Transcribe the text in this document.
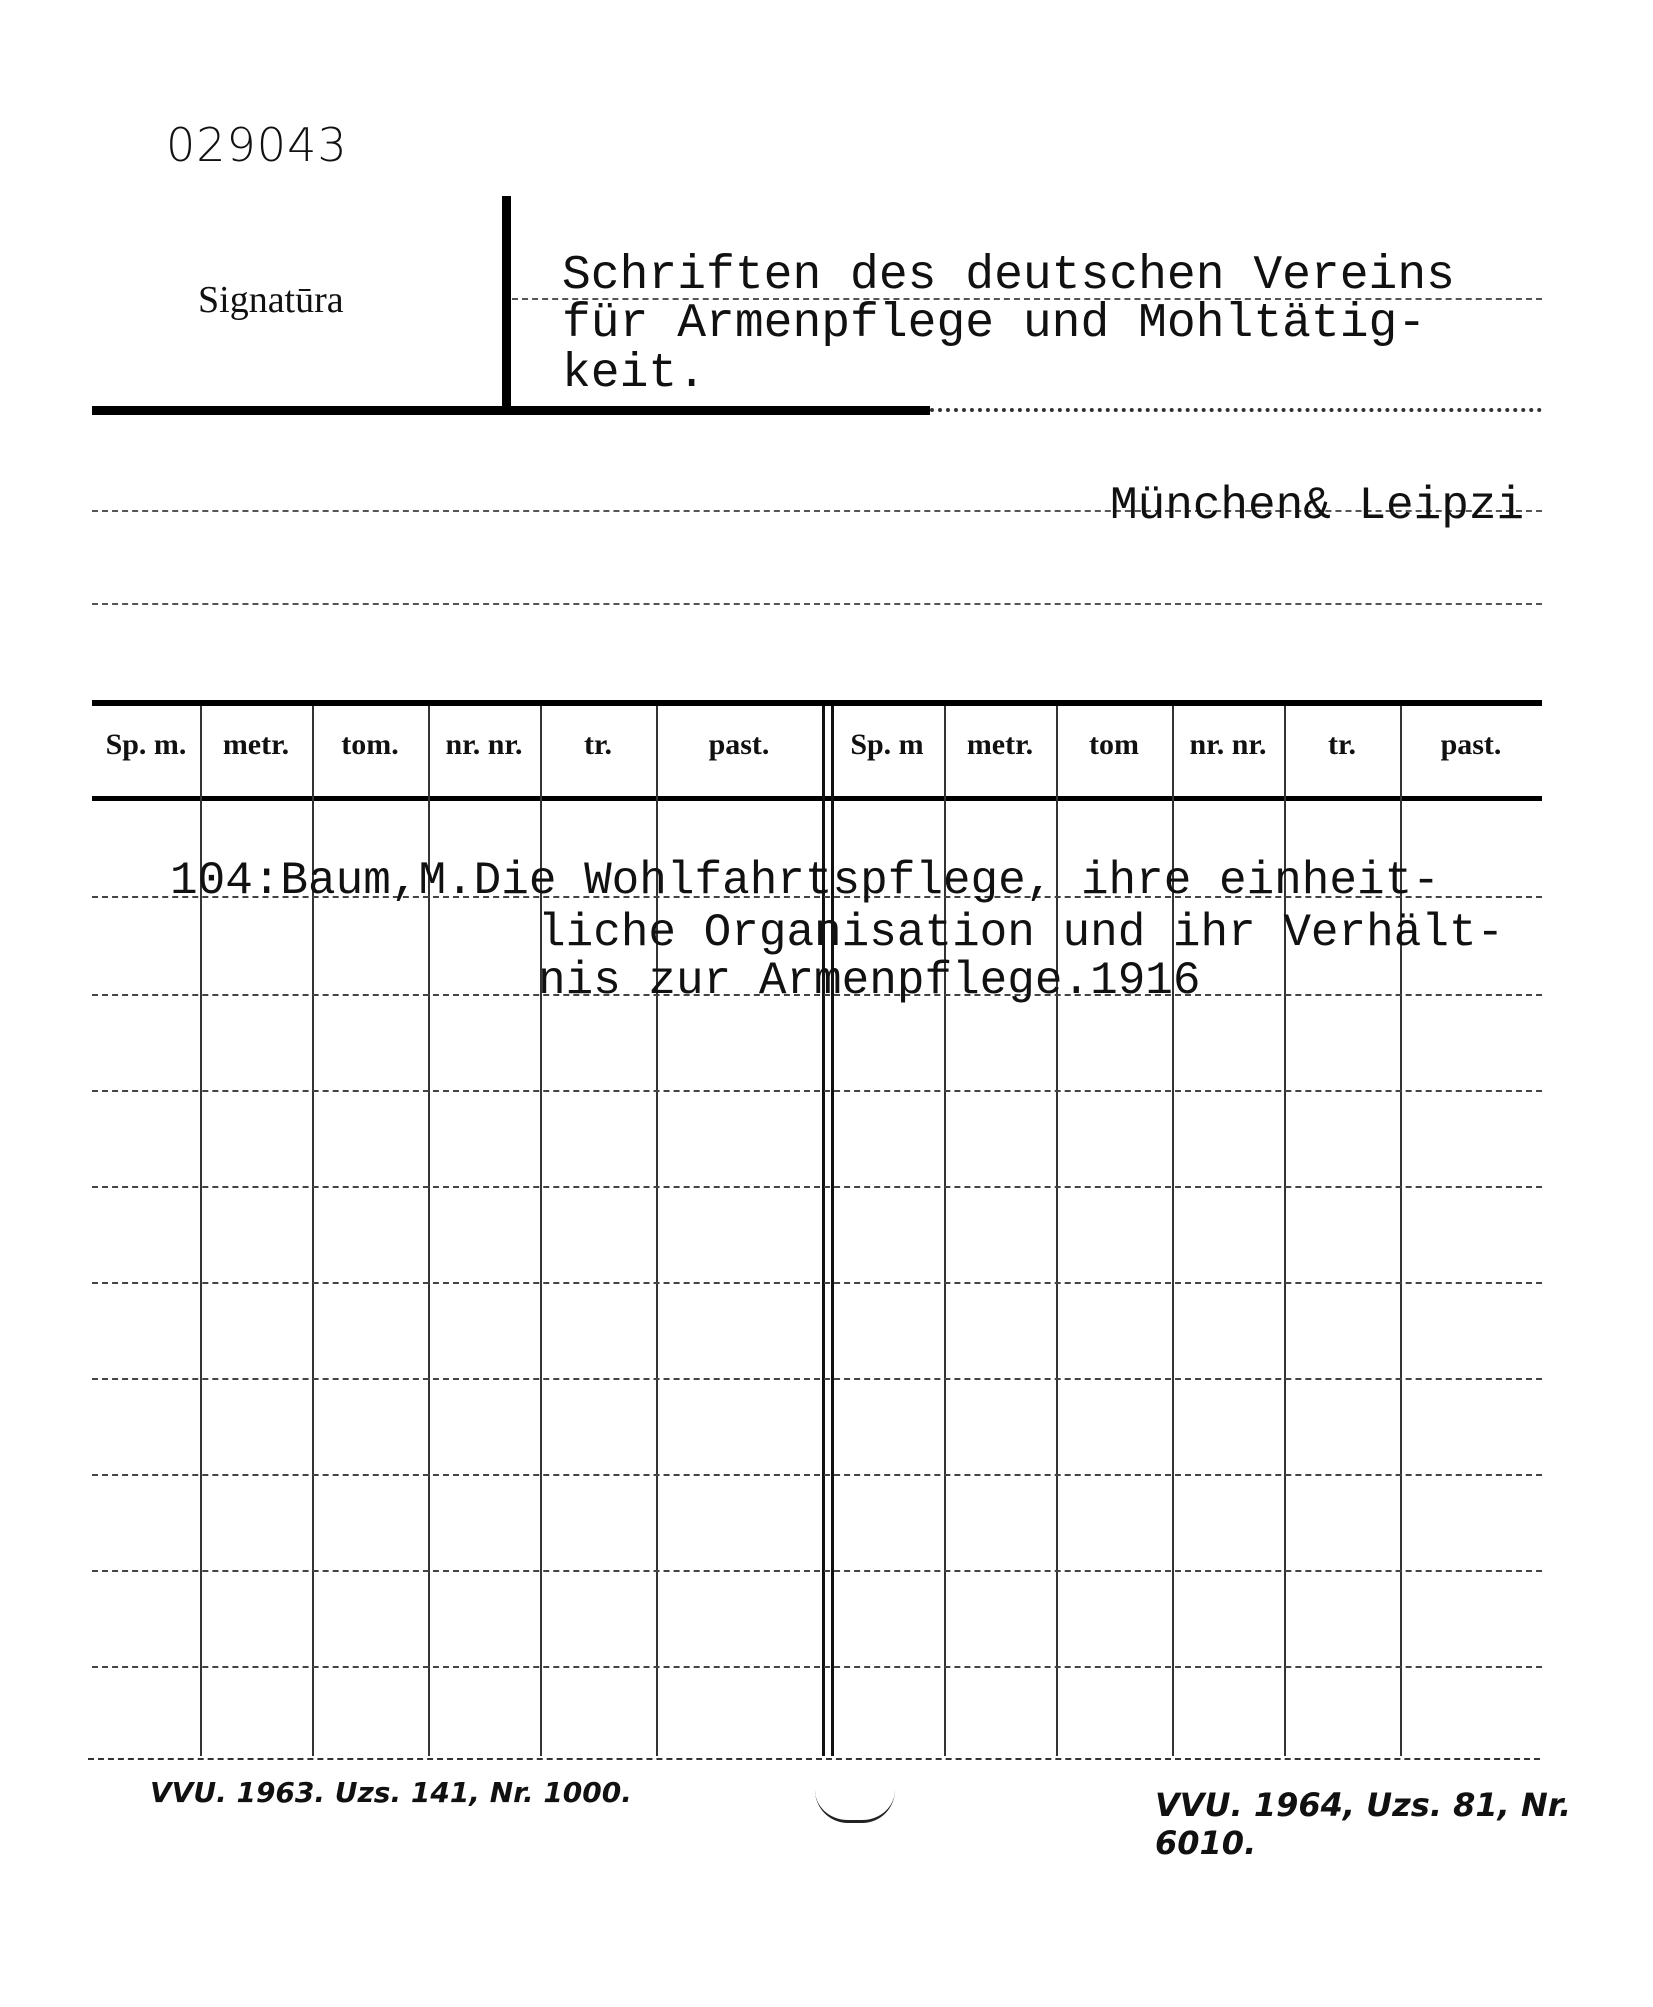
029043
Signatūra	Schriften des deutschen Vereins
für Armenpflege und Mohltätig-
keit.
München& Leipzi
Sp. m.	metr.	tom.	nr. nr.	tr.	past.	Sp. m	metr.	tom	nr. nr.	tr.	past.
104:Baum,M.Die Wohlfahrtspflege, ihre einheit-
liche Organisation und ihr Verhält-
nis zur Armenpflege.1916
VVU. 1963. Uzs. 141, Nr. 1000.	VVU. 1964, Uzs. 81, Nr. 6010.
